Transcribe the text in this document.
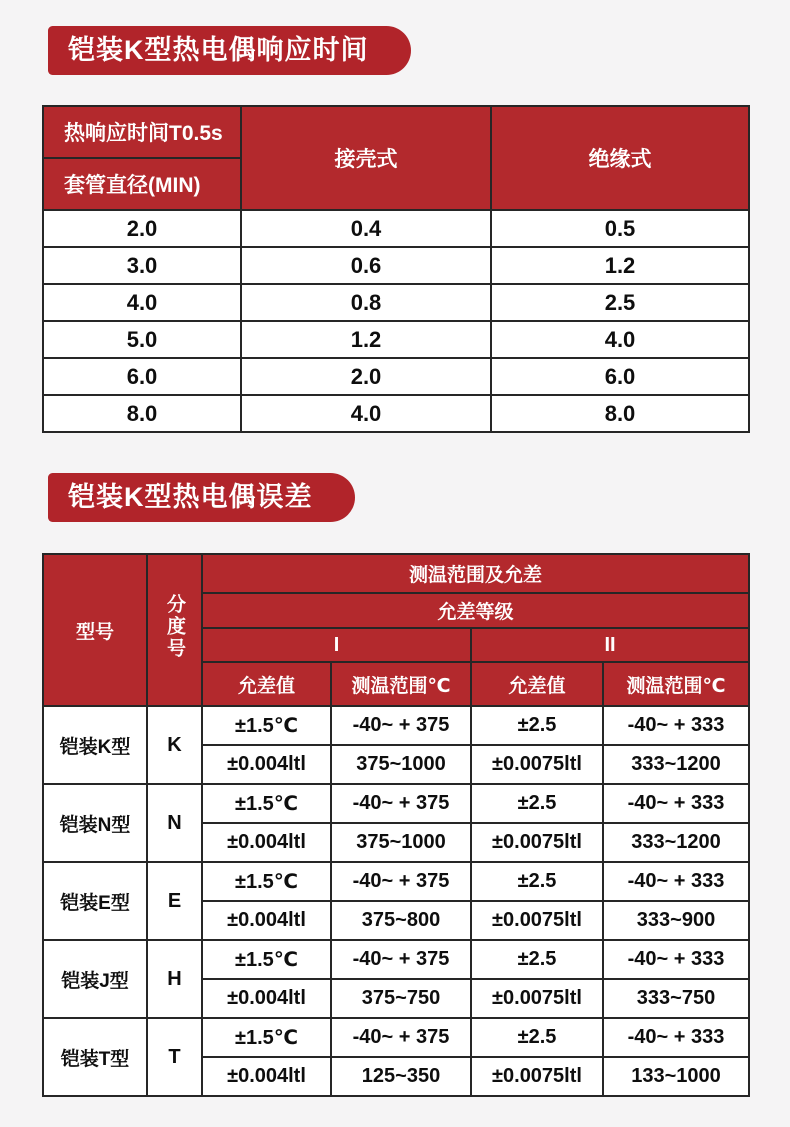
铠装K型热电偶响应时间
热响应时间T0.5s	接壳式	绝缘式
套管直径(MIN)		
2.0	0.4	0.5
3.0	0.6	1.2
4.0	0.8	2.5
5.0	1.2	4.0
6.0	2.0	6.0
8.0	4.0	8.0
铠装K型热电偶误差
型号	分度号	测温范围及允差			
		允差等级			
		I		II	
		允差值	测温范围℃	允差值	测温范围℃
铠装K型	K	±1.5℃	-40~ + 375	±2.5	-40~ + 333
		±0.004ltl	375~1000	±0.0075ltl	333~1200
铠装N型	N	±1.5℃	-40~ + 375	±2.5	-40~ + 333
		±0.004ltl	375~1000	±0.0075ltl	333~1200
铠装E型	E	±1.5℃	-40~ + 375	±2.5	-40~ + 333
		±0.004ltl	375~800	±0.0075ltl	333~900
铠装J型	H	±1.5℃	-40~ + 375	±2.5	-40~ + 333
		±0.004ltl	375~750	±0.0075ltl	333~750
铠装T型	T	±1.5℃	-40~ + 375	±2.5	-40~ + 333
		±0.004ltl	125~350	±0.0075ltl	133~1000
